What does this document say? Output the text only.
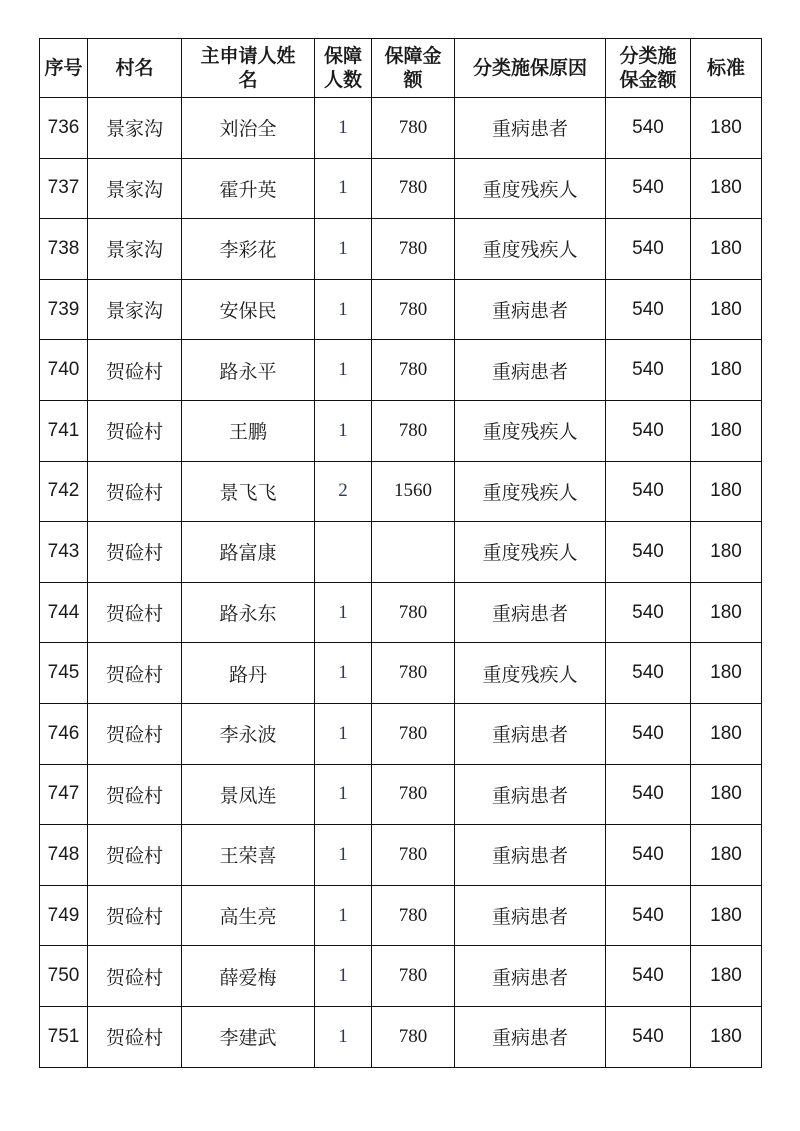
序号	村名	主申请人姓名	保障人数	保障金额	分类施保原因	分类施保金额	标准
736	景家沟	刘治全	1	780	重病患者	540	180
737	景家沟	霍升英	1	780	重度残疾人	540	180
738	景家沟	李彩花	1	780	重度残疾人	540	180
739	景家沟	安保民	1	780	重病患者	540	180
740	贺硷村	路永平	1	780	重病患者	540	180
741	贺硷村	王鹏	1	780	重度残疾人	540	180
742	贺硷村	景飞飞	2	1560	重度残疾人	540	180
743	贺硷村	路富康			重度残疾人	540	180
744	贺硷村	路永东	1	780	重病患者	540	180
745	贺硷村	路丹	1	780	重度残疾人	540	180
746	贺硷村	李永波	1	780	重病患者	540	180
747	贺硷村	景凤连	1	780	重病患者	540	180
748	贺硷村	王荣喜	1	780	重病患者	540	180
749	贺硷村	高生亮	1	780	重病患者	540	180
750	贺硷村	薛爱梅	1	780	重病患者	540	180
751	贺硷村	李建武	1	780	重病患者	540	180
